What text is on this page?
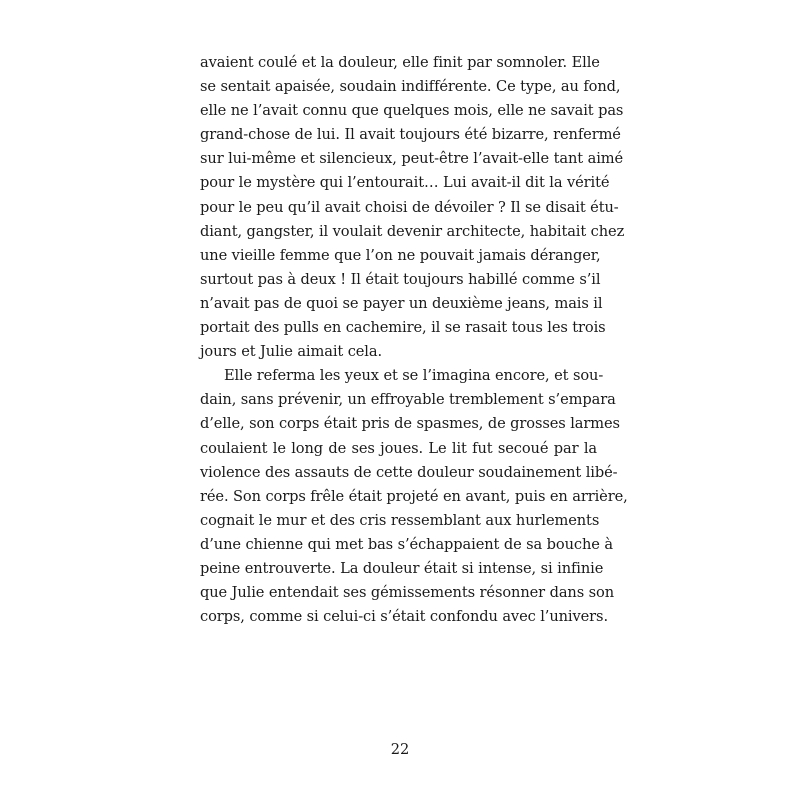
avaient coulé et la douleur, elle finit par somnoler. Elle
se sentait apaisée, soudain indifférente. Ce type, au fond,
elle ne l’avait connu que quelques mois, elle ne savait pas
grand-chose de lui. Il avait toujours été bizarre, renfermé
sur lui-même et silencieux, peut-être l’avait-elle tant aimé
pour le mystère qui l’entourait… Lui avait-il dit la vérité
pour le peu qu’il avait choisi de dévoiler ? Il se disait étu-
diant, gangster, il voulait devenir architecte, habitait chez
une vieille femme que l’on ne pouvait jamais déranger,
surtout pas à deux ! Il était toujours habillé comme s’il
n’avait pas de quoi se payer un deuxième jeans, mais il
portait des pulls en cachemire, il se rasait tous les trois
jours et Julie aimait cela.
Elle referma les yeux et se l’imagina encore, et sou-
dain, sans prévenir, un effroyable tremblement s’empara
d’elle, son corps était pris de spasmes, de grosses larmes
coulaient le long de ses joues. Le lit fut secoué par la
violence des assauts de cette douleur soudainement libé-
rée. Son corps frêle était projeté en avant, puis en arrière,
cognait le mur et des cris ressemblant aux hurlements
d’une chienne qui met bas s’échappaient de sa bouche à
peine entrouverte. La douleur était si intense, si infinie
que Julie entendait ses gémissements résonner dans son
corps, comme si celui-ci s’était confondu avec l’univers.
22
